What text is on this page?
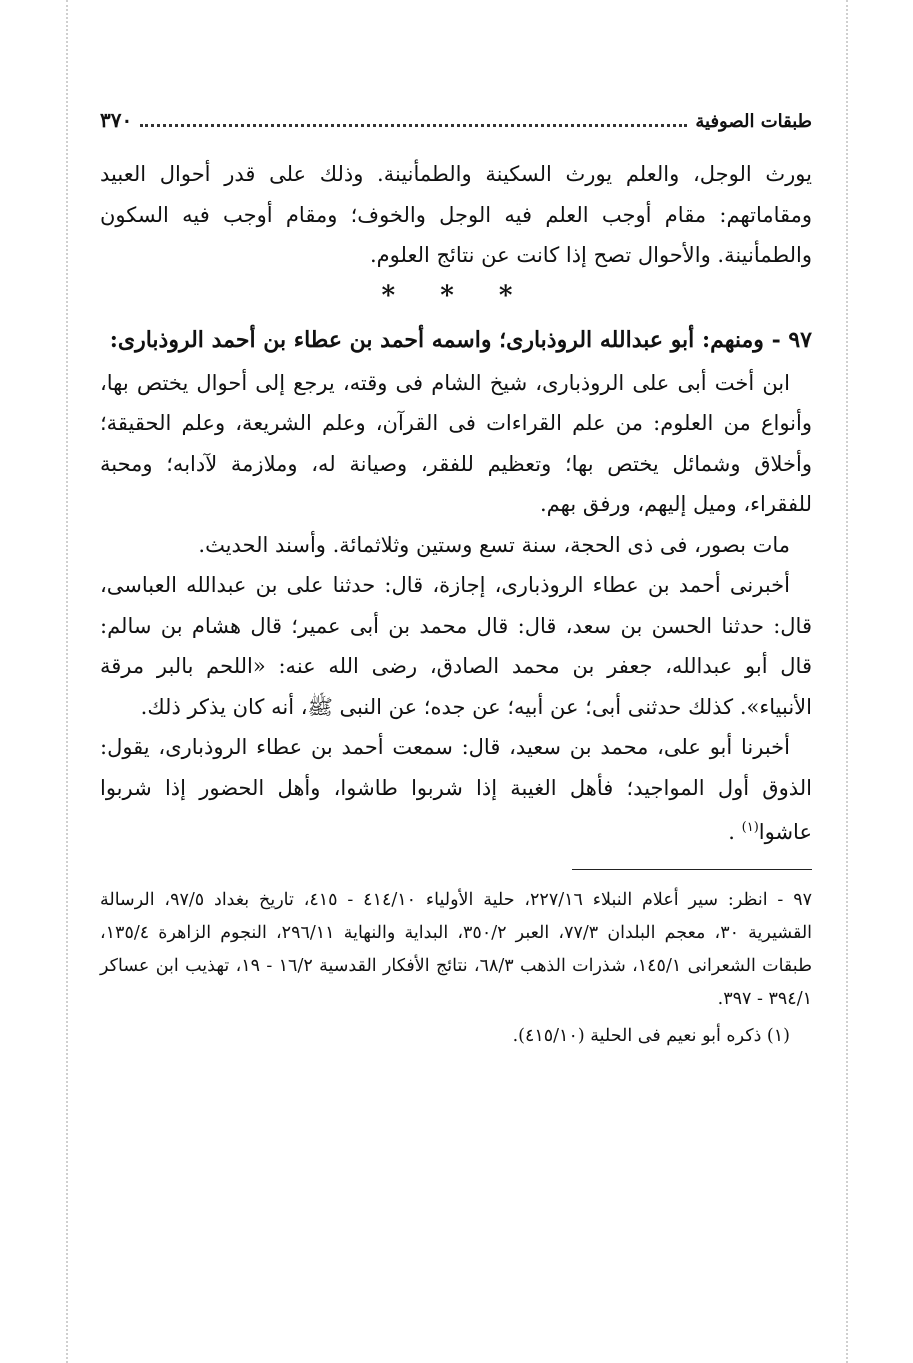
طبقات الصوفية
٣٧٠

يورث الوجل، والعلم يورث السكينة والطمأنينة. وذلك على قدر أحوال العبيد ومقاماتهم: مقام أوجب العلم فيه الوجل والخوف؛ ومقام أوجب فيه السكون والطمأنينة. والأحوال تصح إذا كانت عن نتائج العلوم.

* * *
٩٧ - ومنهم: أبو عبدالله الروذبارى؛ واسمه أحمد بن عطاء بن أحمد الروذبارى:

ابن أخت أبى على الروذبارى، شيخ الشام فى وقته، يرجع إلى أحوال يختص بها، وأنواع من العلوم: من علم القراءات فى القرآن، وعلم الشريعة، وعلم الحقيقة؛ وأخلاق وشمائل يختص بها؛ وتعظيم للفقر، وصيانة له، وملازمة لآدابه؛ ومحبة للفقراء، وميل إليهم، ورفق بهم.

مات بصور، فى ذى الحجة، سنة تسع وستين وثلاثمائة. وأسند الحديث.

أخبرنى أحمد بن عطاء الروذبارى، إجازة، قال: حدثنا على بن عبدالله العباسى، قال: حدثنا الحسن بن سعد، قال: قال محمد بن أبى عمير؛ قال هشام بن سالم: قال أبو عبدالله، جعفر بن محمد الصادق، رضى الله عنه: «اللحم بالبر مرقة الأنبياء». كذلك حدثنى أبى؛ عن أبيه؛ عن جده؛ عن النبى ﷺ، أنه كان يذكر ذلك.

أخبرنا أبو على، محمد بن سعيد، قال: سمعت أحمد بن عطاء الروذبارى، يقول: الذوق أول المواجيد؛ فأهل الغيبة إذا شربوا طاشوا، وأهل الحضور إذا شربوا عاشوا$^{(١)}$ .

٩٧ - انظر: سير أعلام النبلاء ٢٢٧/١٦، حلية الأولياء ٤١٤/١٠ - ٤١٥، تاريخ بغداد ٩٧/٥، الرسالة القشيرية ٣٠، معجم البلدان ٧٧/٣، العبر ٣٥٠/٢، البداية والنهاية ٢٩٦/١١، النجوم الزاهرة ١٣٥/٤، طبقات الشعرانى ١٤٥/١، شذرات الذهب ٦٨/٣، نتائج الأفكار القدسية ١٦/٢ - ١٩، تهذيب ابن عساكر ٣٩٤/١ - ٣٩٧.

(١) ذكره أبو نعيم فى الحلية (٤١٥/١٠).
